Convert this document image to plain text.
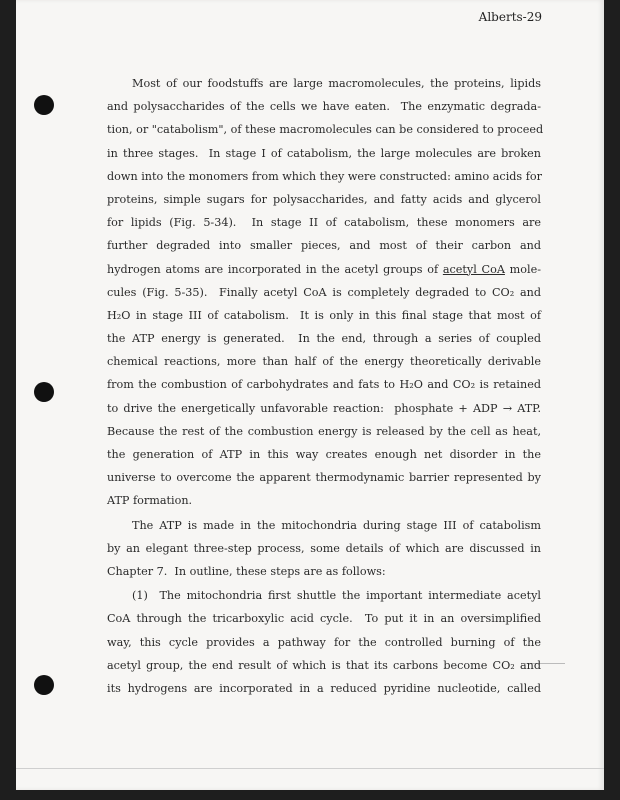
Alberts-29
Most of our foodstuffs are large macromolecules, the proteins, lipids
and polysaccharides of the cells we have eaten.  The enzymatic degrada-
tion, or "catabolism", of these macromolecules can be considered to proceed
in three stages.  In stage I of catabolism, the large molecules are broken
down into the monomers from which they were constructed: amino acids for
proteins, simple sugars for polysaccharides, and fatty acids and glycerol
for lipids (Fig. 5-34).  In stage II of catabolism, these monomers are
further degraded into smaller pieces, and most of their carbon and
hydrogen atoms are incorporated in the acetyl groups of acetyl CoA mole-
cules (Fig. 5-35).  Finally acetyl CoA is completely degraded to CO₂ and
H₂O in stage III of catabolism.  It is only in this final stage that most of
the ATP energy is generated.  In the end, through a series of coupled
chemical reactions, more than half of the energy theoretically derivable
from the combustion of carbohydrates and fats to H₂O and CO₂ is retained
to drive the energetically unfavorable reaction:  phosphate + ADP → ATP.
Because the rest of the combustion energy is released by the cell as heat,
the generation of ATP in this way creates enough net disorder in the
universe to overcome the apparent thermodynamic barrier represented by
ATP formation.
The ATP is made in the mitochondria during stage III of catabolism
by an elegant three-step process, some details of which are discussed in
Chapter 7.  In outline, these steps are as follows:
(1)  The mitochondria first shuttle the important intermediate acetyl
CoA through the tricarboxylic acid cycle.  To put it in an oversimplified
way, this cycle provides a pathway for the controlled burning of the
acetyl group, the end result of which is that its carbons become CO₂ and
its hydrogens are incorporated in a reduced pyridine nucleotide, called
